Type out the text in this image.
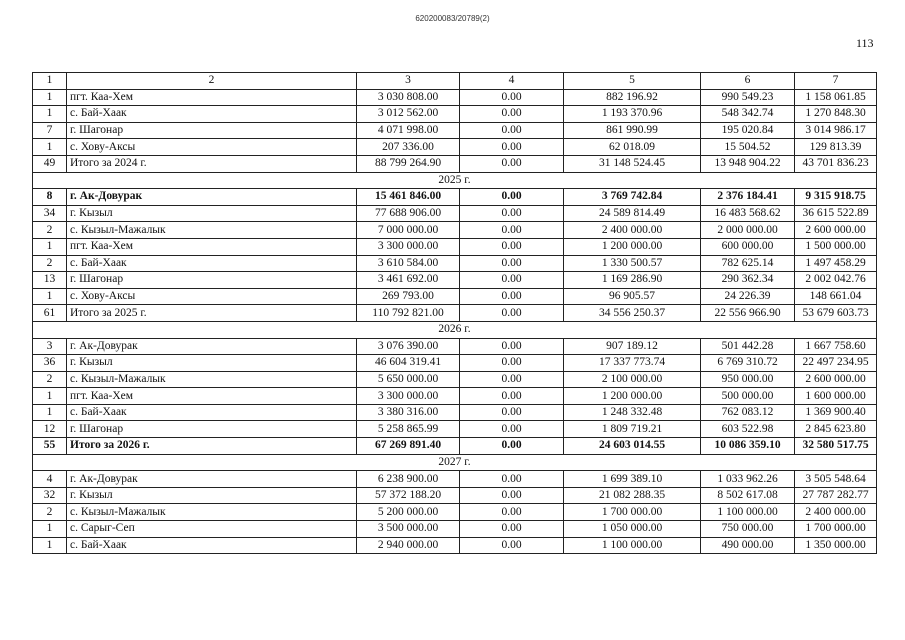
620200083/20789(2)
113
1	2	3	4	5	6	7
1	пгт. Каа-Хем	3 030 808.00	0.00	882 196.92	990 549.23	1 158 061.85
1	с. Бай-Хаак	3 012 562.00	0.00	1 193 370.96	548 342.74	1 270 848.30
7	г. Шагонар	4 071 998.00	0.00	861 990.99	195 020.84	3 014 986.17
1	с. Хову-Аксы	207 336.00	0.00	62 018.09	15 504.52	129 813.39
49	Итого за 2024 г.	88 799 264.90	0.00	31 148 524.45	13 948 904.22	43 701 836.23
2025 г.						
8	г. Ак-Довурак	15 461 846.00	0.00	3 769 742.84	2 376 184.41	9 315 918.75
34	г. Кызыл	77 688 906.00	0.00	24 589 814.49	16 483 568.62	36 615 522.89
2	с. Кызыл-Мажалык	7 000 000.00	0.00	2 400 000.00	2 000 000.00	2 600 000.00
1	пгт. Каа-Хем	3 300 000.00	0.00	1 200 000.00	600 000.00	1 500 000.00
2	с. Бай-Хаак	3 610 584.00	0.00	1 330 500.57	782 625.14	1 497 458.29
13	г. Шагонар	3 461 692.00	0.00	1 169 286.90	290 362.34	2 002 042.76
1	с. Хову-Аксы	269 793.00	0.00	96 905.57	24 226.39	148 661.04
61	Итого за 2025 г.	110 792 821.00	0.00	34 556 250.37	22 556 966.90	53 679 603.73
2026 г.						
3	г. Ак-Довурак	3 076 390.00	0.00	907 189.12	501 442.28	1 667 758.60
36	г. Кызыл	46 604 319.41	0.00	17 337 773.74	6 769 310.72	22 497 234.95
2	с. Кызыл-Мажалык	5 650 000.00	0.00	2 100 000.00	950 000.00	2 600 000.00
1	пгт. Каа-Хем	3 300 000.00	0.00	1 200 000.00	500 000.00	1 600 000.00
1	с. Бай-Хаак	3 380 316.00	0.00	1 248 332.48	762 083.12	1 369 900.40
12	г. Шагонар	5 258 865.99	0.00	1 809 719.21	603 522.98	2 845 623.80
55	Итого за 2026 г.	67 269 891.40	0.00	24 603 014.55	10 086 359.10	32 580 517.75
2027 г.						
4	г. Ак-Довурак	6 238 900.00	0.00	1 699 389.10	1 033 962.26	3 505 548.64
32	г. Кызыл	57 372 188.20	0.00	21 082 288.35	8 502 617.08	27 787 282.77
2	с. Кызыл-Мажалык	5 200 000.00	0.00	1 700 000.00	1 100 000.00	2 400 000.00
1	с. Сарыг-Сеп	3 500 000.00	0.00	1 050 000.00	750 000.00	1 700 000.00
1	с. Бай-Хаак	2 940 000.00	0.00	1 100 000.00	490 000.00	1 350 000.00
